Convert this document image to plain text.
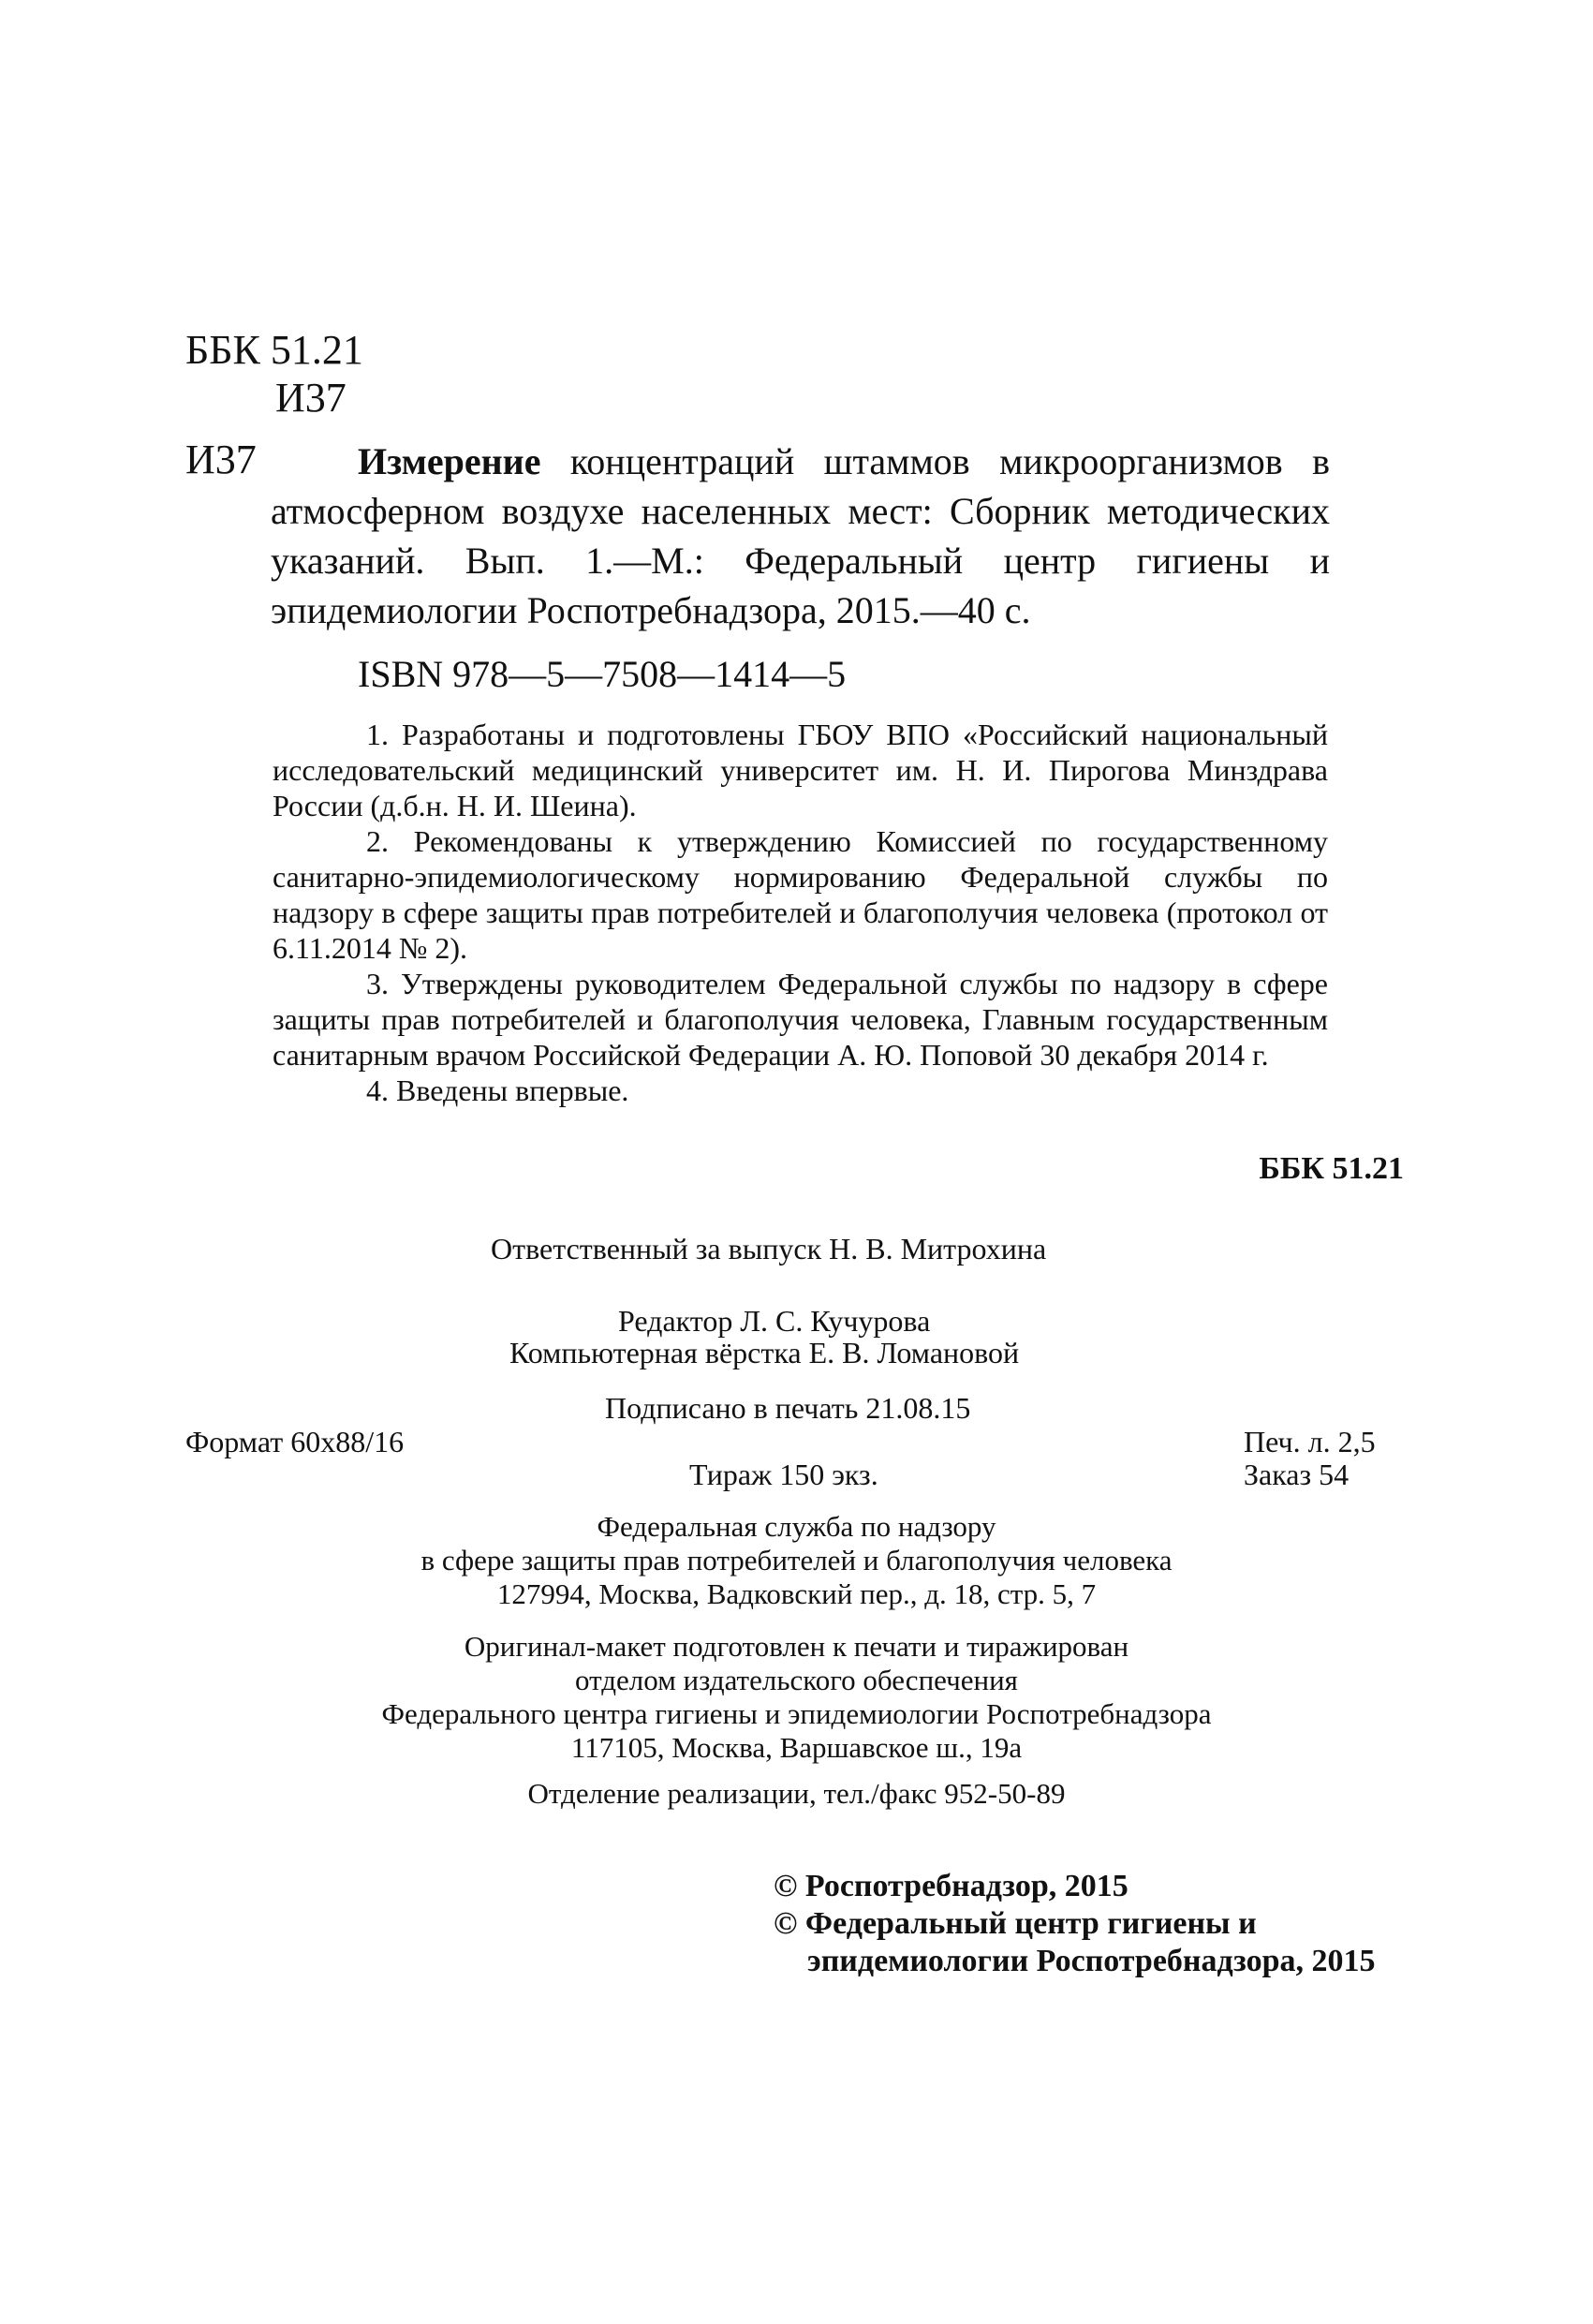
ББК 51.21
И37
И37	Измерение концентраций штаммов микроорганизмов в атмосферном воздухе населенных мест: Сборник методических указаний. Вып. 1.—М.: Федеральный центр гигиены и эпидемиологии Роспотребнадзора, 2015.—40 с.

ISBN 978—5—7508—1414—5

1. Разработаны и подготовлены ГБОУ ВПО «Российский национальный исследовательский медицинский университет им. Н. И. Пирогова Минздрава России (д.б.н. Н. И. Шеина).

2. Рекомендованы к утверждению Комиссией по государственному санитарно-эпидемиологическому нормированию Федеральной службы по надзору в сфере защиты прав потребителей и благополучия человека (протокол от 6.11.2014 № 2).

3. Утверждены руководителем Федеральной службы по надзору в сфере защиты прав потребителей и благополучия человека, Главным государственным санитарным врачом Российской Федерации А. Ю. Поповой 30 декабря 2014 г.

4. Введены впервые.

ББК 51.21
Ответственный за выпуск Н. В. Митрохина
Редактор Л. С. Кучурова
Компьютерная вёрстка Е. В. Ломановой
Подписано в печать 21.08.15
Формат 60x88/16	Печ. л. 2,5
Тираж 150 экз.	Заказ 54
Федеральная служба по надзору
в сфере защиты прав потребителей и благополучия человека
127994, Москва, Вадковский пер., д. 18, стр. 5, 7
Оригинал-макет подготовлен к печати и тиражирован
отделом издательского обеспечения
Федерального центра гигиены и эпидемиологии Роспотребнадзора
117105, Москва, Варшавское ш., 19а
Отделение реализации, тел./факс 952-50-89
© Роспотребнадзор, 2015
© Федеральный центр гигиены и
эпидемиологии Роспотребнадзора, 2015
